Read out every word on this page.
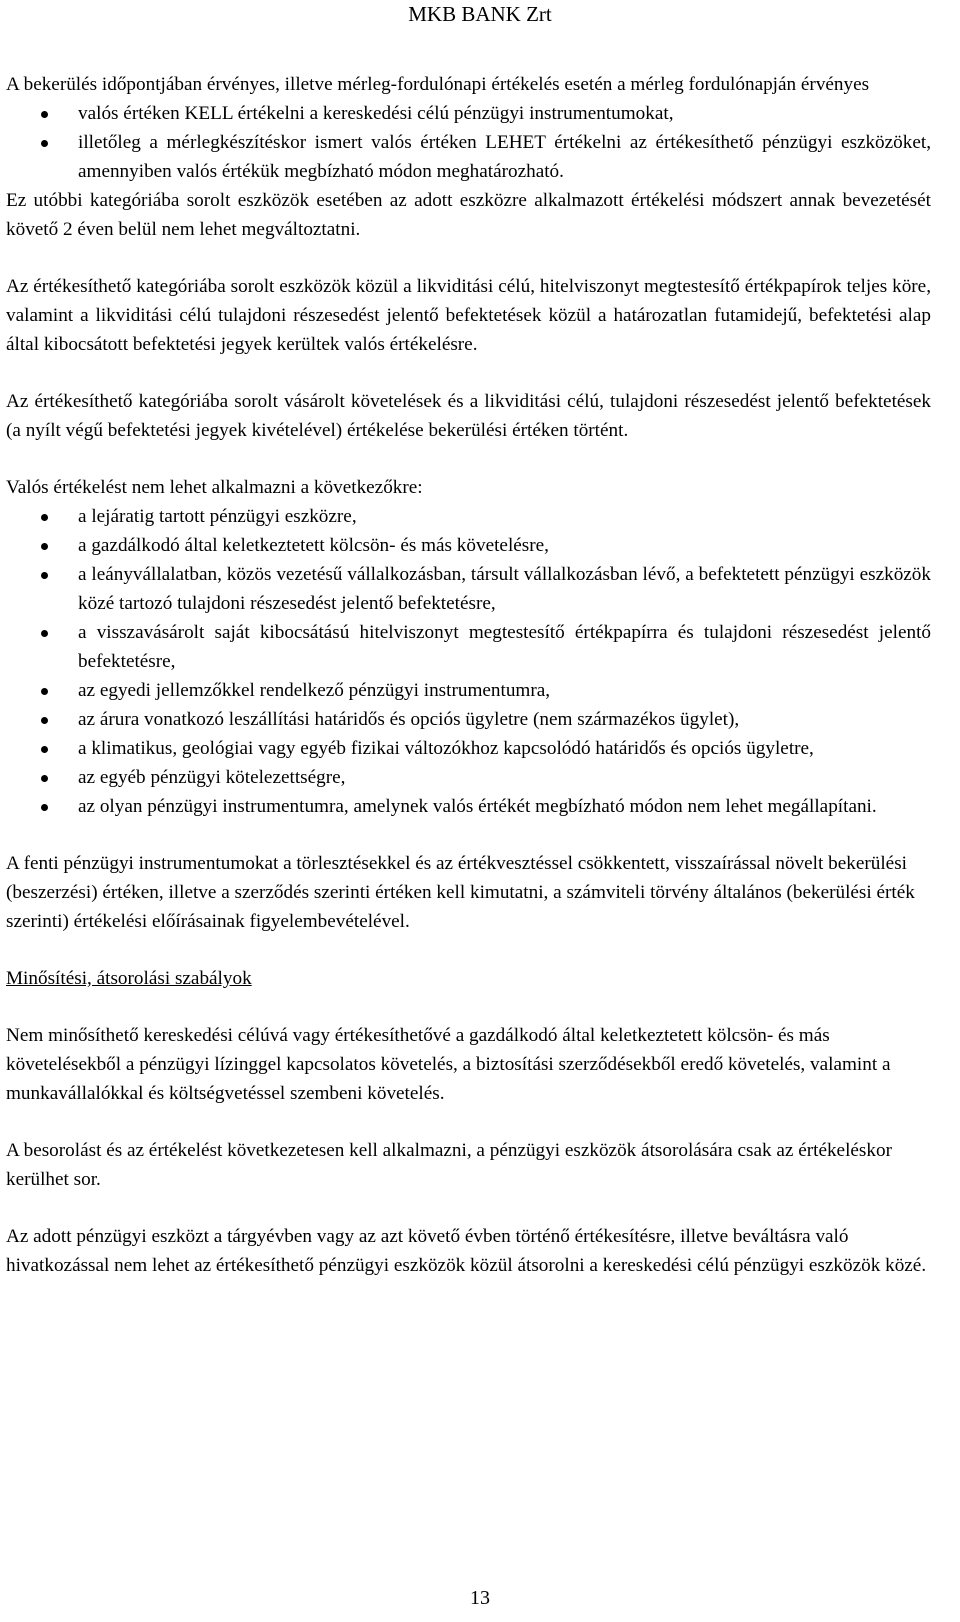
MKB BANK Zrt

A bekerülés időpontjában érvényes, illetve mérleg-fordulónapi értékelés esetén a mérleg fordulónapján érvényes

valós értéken KELL értékelni a kereskedési célú pénzügyi instrumentumokat,
illetőleg a mérlegkészítéskor ismert valós értéken LEHET értékelni az értékesíthető pénzügyi eszközöket, amennyiben valós értékük megbízható módon meghatározható.

Ez utóbbi kategóriába sorolt eszközök esetében az adott eszközre alkalmazott értékelési módszert annak bevezetését követő 2 éven belül nem lehet megváltoztatni.

Az értékesíthető kategóriába sorolt eszközök közül a likviditási célú, hitelviszonyt megtestesítő értékpapírok teljes köre, valamint a likviditási célú tulajdoni részesedést jelentő befektetések közül a határozatlan futamidejű, befektetési alap által kibocsátott befektetési jegyek kerültek valós értékelésre.

Az értékesíthető kategóriába sorolt vásárolt követelések és a likviditási célú, tulajdoni részesedést jelentő befektetések (a nyílt végű befektetési jegyek kivételével) értékelése bekerülési értéken történt.

Valós értékelést nem lehet alkalmazni a következőkre:

a lejáratig tartott pénzügyi eszközre,
a gazdálkodó által keletkeztetett kölcsön- és más követelésre,
a leányvállalatban, közös vezetésű vállalkozásban, társult vállalkozásban lévő, a befektetett pénzügyi eszközök közé tartozó tulajdoni részesedést jelentő befektetésre,
a visszavásárolt saját kibocsátású hitelviszonyt megtestesítő értékpapírra és tulajdoni részesedést jelentő befektetésre,
az egyedi jellemzőkkel rendelkező pénzügyi instrumentumra,
az árura vonatkozó leszállítási határidős és opciós ügyletre (nem származékos ügylet),
a klimatikus, geológiai vagy egyéb fizikai változókhoz kapcsolódó határidős és opciós ügyletre,
az egyéb pénzügyi kötelezettségre,
az olyan pénzügyi instrumentumra, amelynek valós értékét megbízható módon nem lehet megállapítani.

A fenti pénzügyi instrumentumokat a törlesztésekkel és az értékvesztéssel csökkentett, visszaírással növelt bekerülési (beszerzési) értéken, illetve a szerződés szerinti értéken kell kimutatni, a számviteli törvény általános (bekerülési érték szerinti) értékelési előírásainak figyelembevételével.

Minősítési, átsorolási szabályok

Nem minősíthető kereskedési célúvá vagy értékesíthetővé a gazdálkodó által keletkeztetett kölcsön- és más követelésekből a pénzügyi lízinggel kapcsolatos követelés, a biztosítási szerződésekből eredő követelés, valamint a munkavállalókkal és költségvetéssel szembeni követelés.

A besorolást és az értékelést következetesen kell alkalmazni, a pénzügyi eszközök átsorolására csak az értékeléskor kerülhet sor.

Az adott pénzügyi eszközt a tárgyévben vagy az azt követő évben történő értékesítésre, illetve beváltásra való hivatkozással nem lehet az értékesíthető pénzügyi eszközök közül átsorolni a kereskedési célú pénzügyi eszközök közé.

13
